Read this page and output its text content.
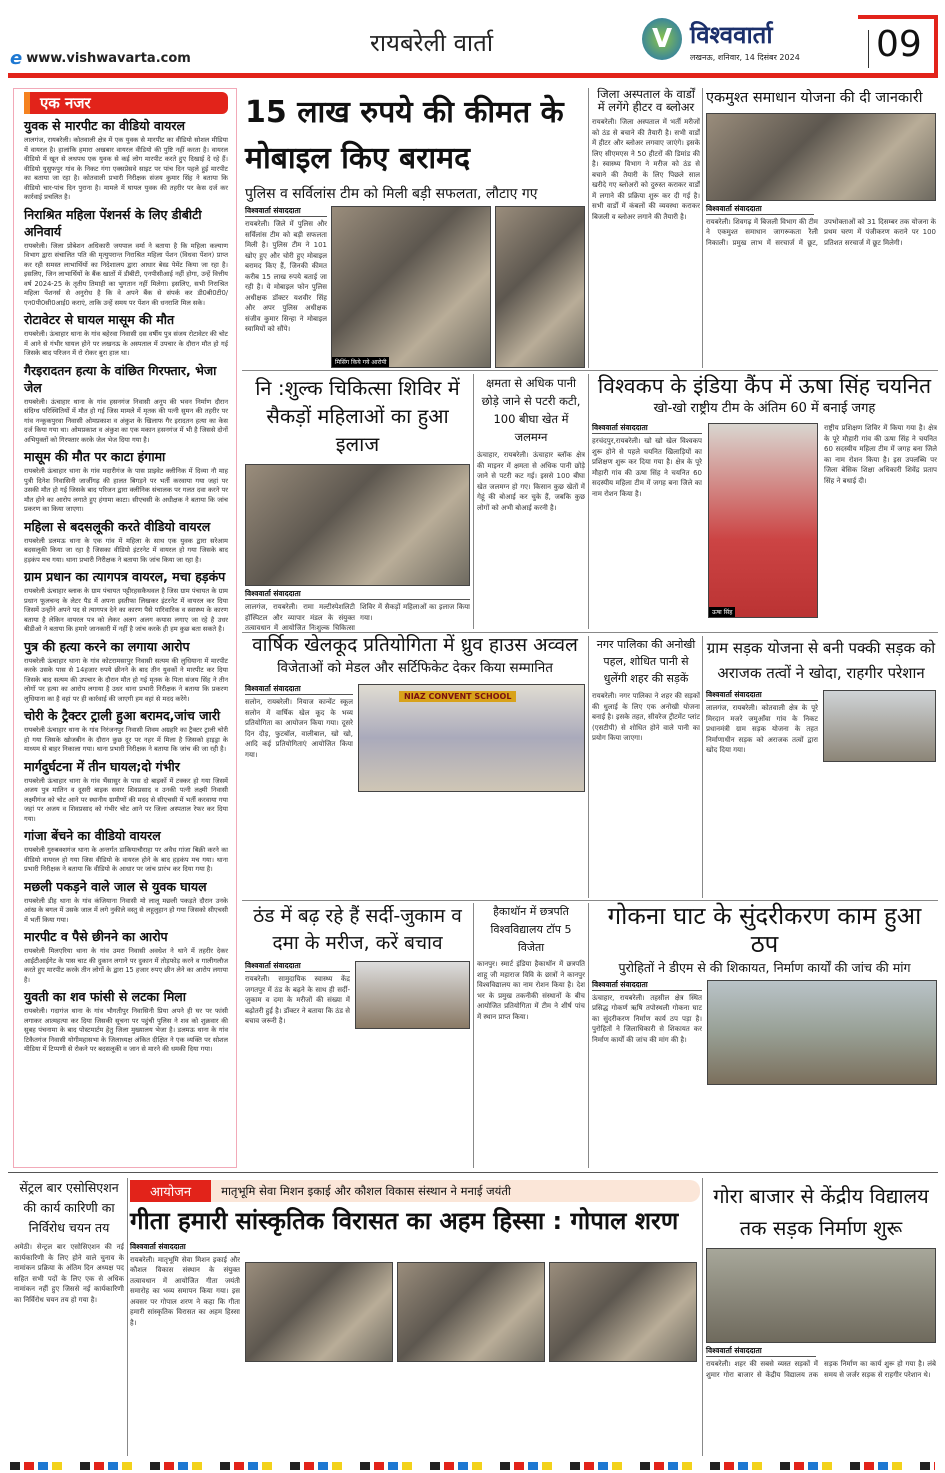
e www.vishwavarta.com
रायबरेली वार्ता	V विश्ववार्ता
लखनऊ, शनिवार, 14 दिसंबर 2024 09
एक नजर
युवक से मारपीट का वीडियो वायरल
लालगंज, रायबरेली। कोतवाली क्षेत्र में एक युवक से मारपीट का वीडियो सोशल मीडिया में वायरल है। हालांकि हमारा अखबार वायरल वीडियो की पुष्टि नहीं करता है। वायरल वीडियो में खून से लथपथ एक युवक से कई लोग मारपीट करते हुए दिखाई दे रहे हैं। वीडियो युसुफपुर गांव के निकट गंगा एक्सप्रेसवे साइट पर पांच दिन पहले हुई मारपीट का बताया जा रहा है। कोतवाली प्रभारी निरीक्षक संजय कुमार सिंह ने बताया कि वीडियो चार-पांच दिन पुराना है। मामले में घायल युवक की तहरीर पर केस दर्ज कर कार्रवाई प्रचलित है।
निराश्रित महिला पेंशनर्स के लिए डीबीटी अनिवार्य
रायबरेली। जिला प्रोबेशन अधिकारी जयपाल वर्मा ने बताया है कि महिला कल्याण विभाग द्वारा संचालित पति की मृत्युपरान्त निराश्रित महिला पेंशन (विधवा पेंशन) प्राप्त कर रही समस्त लाभार्थियों का निदेशालय द्वारा आधार बेस्ड पेमेंट किया जा रहा है। इसलिए, जिन लाभार्थियों के बैंक खातों में डीबीटी, एनपीसीआई नहीं होगा, उन्हें वित्तीय वर्ष 2024-25 के तृतीय तिमाही का भुगतान नहीं मिलेगा। इसलिए, सभी निराश्रित महिला पेंशनर्स से अनुरोध है कि वे अपने बैंक से संपर्क कर डी0बी0टी0/एन0पी0सी0आई0 कराएं, ताकि उन्हें समय पर पेंशन की धनराशि मिल सके।
रोटावेटर से घायल मासूम की मौत
रायबरेली। ऊंचाहार थाना के गांव बहेरवा निवासी दस वर्षीय पुत्र संजय रोटावेटर की चोट में आने से गंभीर घायल होने पर लखनऊ के अस्पताल में उपचार के दौरान मौत हो गई जिसके बाद परिजन में रो रोकर बुरा हाल था।
गैरइरादतन हत्या के वांछित गिरफ्तार, भेजा जेल
रायबरेली। ऊंचाहार थाना के गांव हसनगंज निवासी अनूप की भवन निर्माण दौरान संदिग्ध परिस्थितियों में मौत हो गई जिस मामले में मृतक की पत्नी सुमन की तहरीर पर गांव नन्कूकपुरवा निवासी ओमप्रकाश व अंकुश के खिलाफ गैर इरादतन हत्या का केस दर्ज किया गया था। ओमप्रकाश व अंकुश का एक मकान हसनगंज में भी है जिससे दोनों अभियुक्तों को गिरफ्तार करके जेल भेज दिया गया है।
मासूम की मौत पर काटा हंगामा
रायबरेली ऊंचाहार थाना के गांव मदारीगंज के पास प्राइवेट क्लीनिक में दिव्या नौ माह पुत्री दिनेश निवासिनी जार्जीगढ़ की हालत बिगड़ने पर भर्ती करवाया गया जहां पर उसकी मौत हो गई जिसके बाद परिजन द्वारा क्लीनिक संचालक पर गलत दवा करने पर मौत होने का आरोप लगाते हुए हंगामा काटा। सीएचसी के अधीक्षक ने बताया कि जांच प्रकरण का किया जाएगा।
महिला से बदसलूकी करते वीडियो वायरल
रायबरेली डलमऊ थाना के एक गांव में महिला के साथ एक युवक द्वारा सरेआम बदसलूकी किया जा रहा है जिसका वीडियो इंटरनेट में वायरल हो गया जिसके बाद हड़कंप मच गया। थाना प्रभारी निरीक्षक ने बताया कि जांच किया जा रहा है।
ग्राम प्रधान का त्यागपत्र वायरल, मचा हड़कंप
रायबरेली ऊंचाहार ब्लाक के ग्राम पंचायत पट्टीरहसकैथवल है जिस ग्राम पंचायत के ग्राम प्रधान फूलचन्द के लेटर पैड में अपना इस्तीफा लिखकर इंटरनेट में वायरल कर दिया जिसमें उन्होंने अपने पद से त्यागपत्र देने का कारण पैसे पारिवारिक व स्वास्थ्य के कारण बताया है लेकिन वायरल पत्र को लेकर अलग अलग कयास लगाए जा रहे है उधर बीडीओ ने बताया कि हमारे जानकारी में नहीं है जांच करके ही हम कुछ बता सकते है।
पुत्र की हत्या करने का लगाया आरोप
रायबरेली ऊंचाहार थाना के गांव कोटरामसापुर निवासी सत्यम की लुधियाना में मारपीट करके उसके पास से 14हजार रुपये छीनने के बाद तीन युवकों ने मारपीट कर दिया जिसके बाद सत्यम की उपचार के दौरान मौत हो गई मृतक के पिता संजय सिंह ने तीन लोगों पर हत्या का आरोप लगाया है उधर थाना प्रभारी निरीक्षक ने बताया कि प्रकरण लुधियाना का है वहां पर ही कार्रवाई की जाएगी हम वहां से मदद करेंगे।
चोरी के ट्रैक्टर ट्राली हुआ बरामद,जांच जारी
रायबरेली ऊंचाहार थाना के गांव निरंजनपुर निवासी शिवम अग्रहरि का ट्रैक्टर ट्राली चोरी हो गया जिसके खोजबीन के दौरान कुछ दूर पर नहर में मिला है जिसको हाइड्रा के माध्यम से बाहर निकाला गया। थाना प्रभारी निरीक्षक ने बताया कि जांच की जा रही है।
मार्गदुर्घटना में तीन घायल;दो गंभीर
रायबरेली ऊंचाहार थाना के गांव भैंसासुर के पास दो बाइकों में टक्कर हो गया जिसमें अजय पुत्र मातिन व दूसरी बाइक सवार शिवप्रसाद व उनकी पत्नी लक्ष्मी निवासी लक्ष्मीगंज को चोट आने पर स्थानीय ग्रामीणों की मदद से सीएचसी में भर्ती करवाया गया जहां पर अजय व शिवप्रसाद को गंभीर चोट आने पर जिला अस्पताल रेफर कर दिया गया।
गांजा बेंचने का वीडियो वायरल
रायबरेली गुरुबक्शगंज थाना के अन्तर्गत डाकियाचौराहा पर अवैध गांजा बिक्री करने का वीडियो वायरल हो गया जिस वीडियो के वायरल होने के बाद हड़कंप मच गया। थाना प्रभारी निरीक्षक ने बताया कि वीडियो के आधार पर जांच प्रारंभ कर दिया गया है।
मछली पकड़ने वाले जाल से युवक घायल
रायबरेली डीह थाना के गांव कंजियाना निवासी मो लालू मछली पकड़ते दौरान उनके आंख के बगल में उसके जाल में लगे नुकीले वस्तु से लहूलुहान हो गया जिसको सीएचसी में भर्ती किया गया।
मारपीट व पैसे छीनने का आरोप
रायबरेली मिलएरिया थाना के गांव उमरा निवासी अवधेश ने थाने में तहरीर देकर आईटीआईगेट के पास चाट की दुकान लगाने पर दुकान में तोड़फोड़ करने व गालीगलौज करते हुए मारपीट करके तीन लोगों के द्वारा 15 हजार रुपए छीन लेने का आरोप लगाया है।
युवती का शव फांसी से लटका मिला
रायबरेली। गदागंज थाना के गांव भौगतीपुर निवासिनी प्रिया अपने ही घर पर फांसी लगाकर आत्महत्या कर दिया जिसकी सूचना पर पहुंची पुलिस ने शव को शुक्रवार की सुबह पंचनामा के बाद पोस्टमार्टम हेतु जिला मुख्यालय भेजा है। डलमऊ थाना के गांव टिकैतगंज निवासी योगीमहासभा के जिलाध्यक्ष अंकित दीक्षित ने एक व्यक्ति पर सोशल मीडिया में टिप्पणी से रोकने पर बदसलूकी व जान से मारने की धमकी दिया गया।
15 लाख रुपये की कीमत के मोबाइल किए बरामद
पुलिस व सर्विलांस टीम को मिली बड़ी सफलता, लौटाए गए
विश्ववार्ता संवाददाता
रायबरेली। जिले में पुलिस और सर्विलांस टीम को बड़ी सफलता मिली है। पुलिस टीम ने 101 खोए हुए और चोरी हुए मोबाइल बरामद किए हैं, जिनकी कीमत करीब 15 लाख रुपये बताई जा रही है। ये मोबाइल फोन पुलिस अधीक्षक डॉक्टर यशवीर सिंह और अपर पुलिस अधीक्षक संजीव कुमार सिन्हा ने मोबाइल स्वामियों को सौंपे।
मिसिंग किये गये आरोपी
जिला अस्पताल के वार्डों में लगेंगे हीटर व ब्लोअर
रायबरेली। जिला अस्पताल में भर्ती मरीजों को ठंड से बचाने की तैयारी है। सभी वार्डों में हीटर और ब्लोअर लगवाए जाएंगे। इसके लिए सीएमएस ने 50 हीटरों की डिमांड की है। स्वास्थ्य विभाग ने मरीज को ठंड से बचाने की तैयारी के लिए पिछले साल खरीदे गए ब्लोअरों को दुरुस्त कराकर वार्डों में लगाने की प्रक्रिया शुरू कर दी गई है। सभी वार्डों में कंबलों की व्यवस्था कराकर बिजली व ब्लोअर लगाने की तैयारी है।
एकमुश्त समाधान योजना की दी जानकारी
विश्ववार्ता संवाददाता
रायबरेली। शिवगढ़ में बिजली विभाग की टीम ने एकमुश्त समाधान जागरूकता रैली निकाली। प्रमुख लाभ में सरचार्ज में छूट, उपभोक्ताओं को 31 दिसम्बर तक योजना के प्रथम चरण में पंजीकरण कराने पर 100 प्रतिशत सरचार्ज में छूट मिलेगी।
नि :शुल्क चिकित्सा शिविर में सैकड़ों महिलाओं का हुआ इलाज
विश्ववार्ता संवाददाता
लालगंज, रायबरेली। रामा मल्टीस्पेशलिटी हॉस्पिटल और व्यापार मंडल के संयुक्त तत्वावधान में आयोजित निःशुल्क चिकित्सा शिविर में सैकड़ों महिलाओं का इलाज किया गया।
क्षमता से अधिक पानी छोड़े जाने से पटरी कटी, 100 बीघा खेत में जलमग्न
ऊंचाहार, रायबरेली। ऊंचाहार ब्लॉक क्षेत्र की माइनर में क्षमता से अधिक पानी छोड़े जाने से पटरी कट गई। इससे 100 बीघा खेत जलमग्न हो गए। किसान कुछ खेतों में गेहूं की बोआई कर चुके हैं, जबकि कुछ लोगों को अभी बोआई करनी है।
विश्वकप के इंडिया कैंप में ऊषा सिंह चयनित
खो-खो राष्ट्रीय टीम के अंतिम 60 में बनाई जगह
विश्ववार्ता संवाददाता
हरचंदपुर,रायबरेली। खो खो खेल विश्वकप शुरू होने से पहले चयनित खिलाड़ियों का प्रशिक्षण शुरू कर दिया गया है। क्षेत्र के पूरे मौहारी गांव की ऊषा सिंह ने चयनित 60 सदस्यीय महिला टीम में जगह बना जिले का नाम रोशन किया है।
ऊषा सिंह
राष्ट्रीय प्रशिक्षण शिविर में किया गया है। क्षेत्र के पूरे मौहारी गांव की ऊषा सिंह ने चयनित 60 सदस्यीय महिला टीम में जगह बना जिले का नाम रोशन किया है। इस उपलब्धि पर जिला बेसिक शिक्षा अधिकारी शिवेंद्र प्रताप सिंह ने बधाई दी।
वार्षिक खेलकूद प्रतियोगिता में ध्रुव हाउस अव्वल
विजेताओं को मेडल और सर्टिफिकेट देकर किया सम्मानित
विश्ववार्ता संवाददाता
सलोन, रायबरेली। नियाज कान्वेंट स्कूल सलोन में वार्षिक खेल कूद के भव्य प्रतियोगिता का आयोजन किया गया। दूसरे दिन दौड़, फुटबॉल, वालीबाल, खो खो, आदि कई प्रतियोगिताएं आयोजित किया गया।
NIAZ CONVENT SCHOOL
नगर पालिका की अनोखी पहल, शोधित पानी से धुलेंगी शहर की सड़कें
रायबरेली। नगर पालिका ने शहर की सड़कों की धुलाई के लिए एक अनोखी योजना बनाई है। इसके तहत, सीवरेज ट्रीटमेंट प्लांट (एसटीपी) से शोधित होने वाले पानी का प्रयोग किया जाएगा।
ग्राम सड़क योजना से बनी पक्की सड़क को अराजक तत्वों ने खोदा, राहगीर परेशान
विश्ववार्ता संवाददाता
लालगंज, रायबरेली। कोतवाली क्षेत्र के पूरे मिरदान मजरे जमुआँवा गांव के निकट प्रधानमंत्री ग्राम सड़क योजना के तहत निर्माणाधीन सड़क को अराजक तत्वों द्वारा खोद दिया गया।
ठंड में बढ़ रहे हैं सर्दी-जुकाम व दमा के मरीज, करें बचाव
विश्ववार्ता संवाददाता
रायबरेली। सामुदायिक स्वास्थ्य केंद्र जगतपुर में ठंड के बढ़ने के साथ ही सर्दी-जुकाम व दमा के मरीजों की संख्या में बढ़ोतरी हुई है। डॉक्टर ने बताया कि ठंड से बचाव जरूरी है।
हैकाथॉन में छत्रपति विश्वविद्यालय टॉप 5 विजेता
कानपुर। स्मार्ट इंडिया हैकाथॉन में छत्रपति शाहू जी महाराज विवि के छात्रों ने कानपुर विश्वविद्यालय का नाम रोशन किया है। देश भर के प्रमुख तकनीकी संस्थानों के बीच आयोजित प्रतियोगिता में टीम ने शीर्ष पांच में स्थान प्राप्त किया।
गोकना घाट के सुंदरीकरण काम हुआ ठप
पुरोहितों ने डीएम से की शिकायत, निर्माण कार्यों की जांच की मांग
विश्ववार्ता संवाददाता
ऊंचाहार, रायबरेली। तहसील क्षेत्र स्थित प्रसिद्ध गोकर्ण ऋषि तपोस्थली गोकना घाट का सुंदरीकरण निर्माण कार्य ठप पड़ा है। पुरोहितों ने जिलाधिकारी से शिकायत कर निर्माण कार्यों की जांच की मांग की है।
सेंट्रल बार एसोसिएशन की कार्य कारिणी का निर्विरोध चयन तय
अमेठी। सेन्ट्रल बार एसोसिएशन की नई कार्यकारिणी के लिए होने वाले चुनाव के नामांकन प्रक्रिया के अंतिम दिन अध्यक्ष पद सहित सभी पदों के लिए एक से अधिक नामांकन नहीं हुए जिससे नई कार्यकारिणी का निर्विरोध चयन तय हो गया है।
आयोजन	मातृभूमि सेवा मिशन इकाई और कौशल विकास संस्थान ने मनाई जयंती
गीता हमारी सांस्कृतिक विरासत का अहम हिस्सा : गोपाल शरण
विश्ववार्ता संवाददाता
रायबरेली। मातृभूमि सेवा मिशन इकाई और कौशल विकास संस्थान के संयुक्त तत्वावधान में आयोजित गीता जयंती समारोह का भव्य समापन किया गया। इस अवसर पर गोपाल शरण ने कहा कि गीता हमारी सांस्कृतिक विरासत का अहम हिस्सा है।
गोरा बाजार से केंद्रीय विद्यालय तक सड़क निर्माण शुरू
विश्ववार्ता संवाददाता
रायबरेली। शहर की सबसे व्यस्त सड़कों में शुमार गोरा बाजार से केंद्रीय विद्यालय तक सड़क निर्माण का कार्य शुरू हो गया है। लंबे समय से जर्जर सड़क से राहगीर परेशान थे।
